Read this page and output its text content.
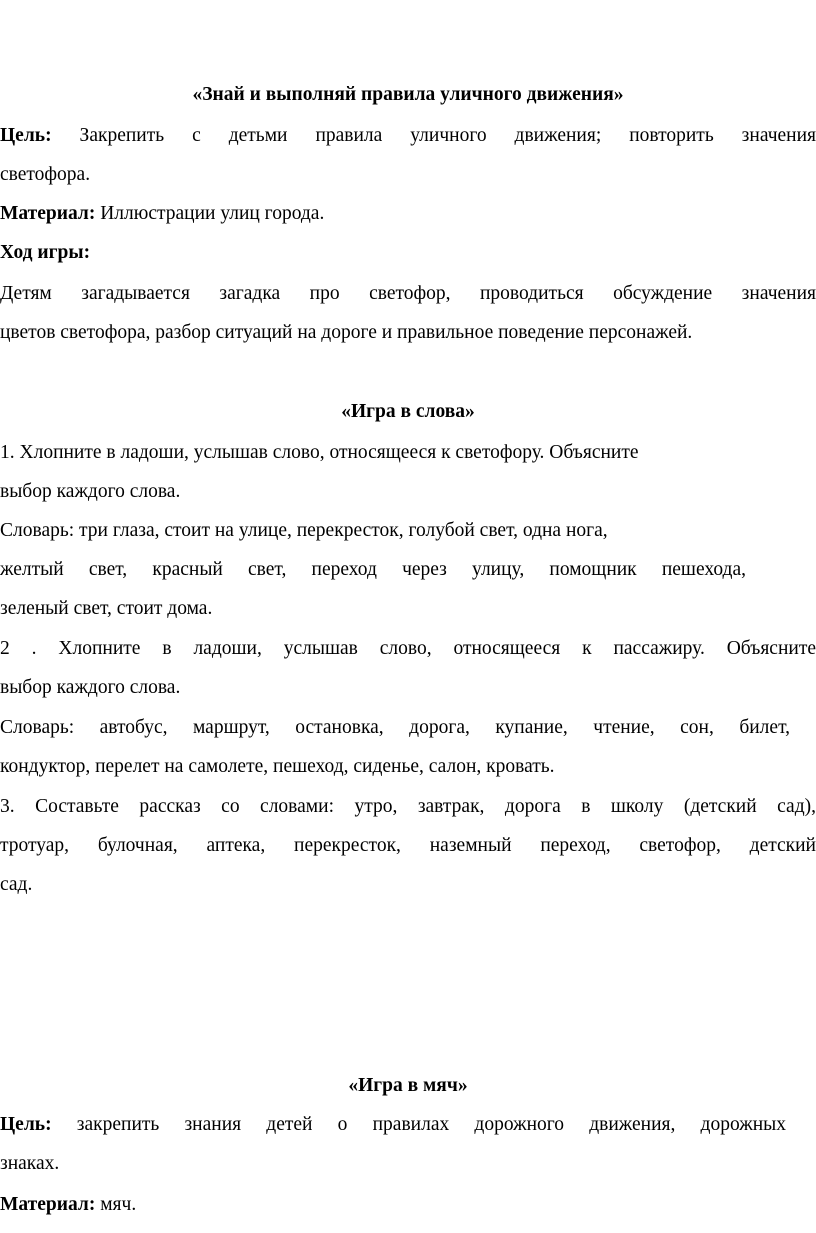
«Знай и выполняй правила уличного движения»

Цель: Закрепить с детьми правила уличного движения; повторить значения

светофора.

Материал: Иллюстрации улиц города.

Ход игры:

Детям загадывается загадка про светофор, проводиться обсуждение значения

цветов светофора, разбор ситуаций на дороге и правильное поведение персонажей.

«Игра в слова»

1. Хлопните в ладоши, услышав слово, относящееся к светофору. Объясните

выбор каждого слова.

Словарь: три глаза, стоит на улице, перекресток, голубой свет, одна нога,

желтый свет, красный свет, переход через улицу, помощник пешехода,

зеленый свет, стоит дома.

2 . Хлопните в ладоши, услышав слово, относящееся к пассажиру. Объясните

выбор каждого слова.

Словарь: автобус, маршрут, остановка, дорога, купание, чтение, сон, билет,

кондуктор, перелет на самолете, пешеход, сиденье, салон, кровать.

3. Составьте рассказ со словами: утро, завтрак, дорога в школу (детский сад),

тротуар, булочная, аптека, перекресток, наземный переход, светофор, детский

сад.

«Игра в мяч»

Цель: закрепить знания детей о правилах дорожного движения, дорожных

знаках.

Материал: мяч.
